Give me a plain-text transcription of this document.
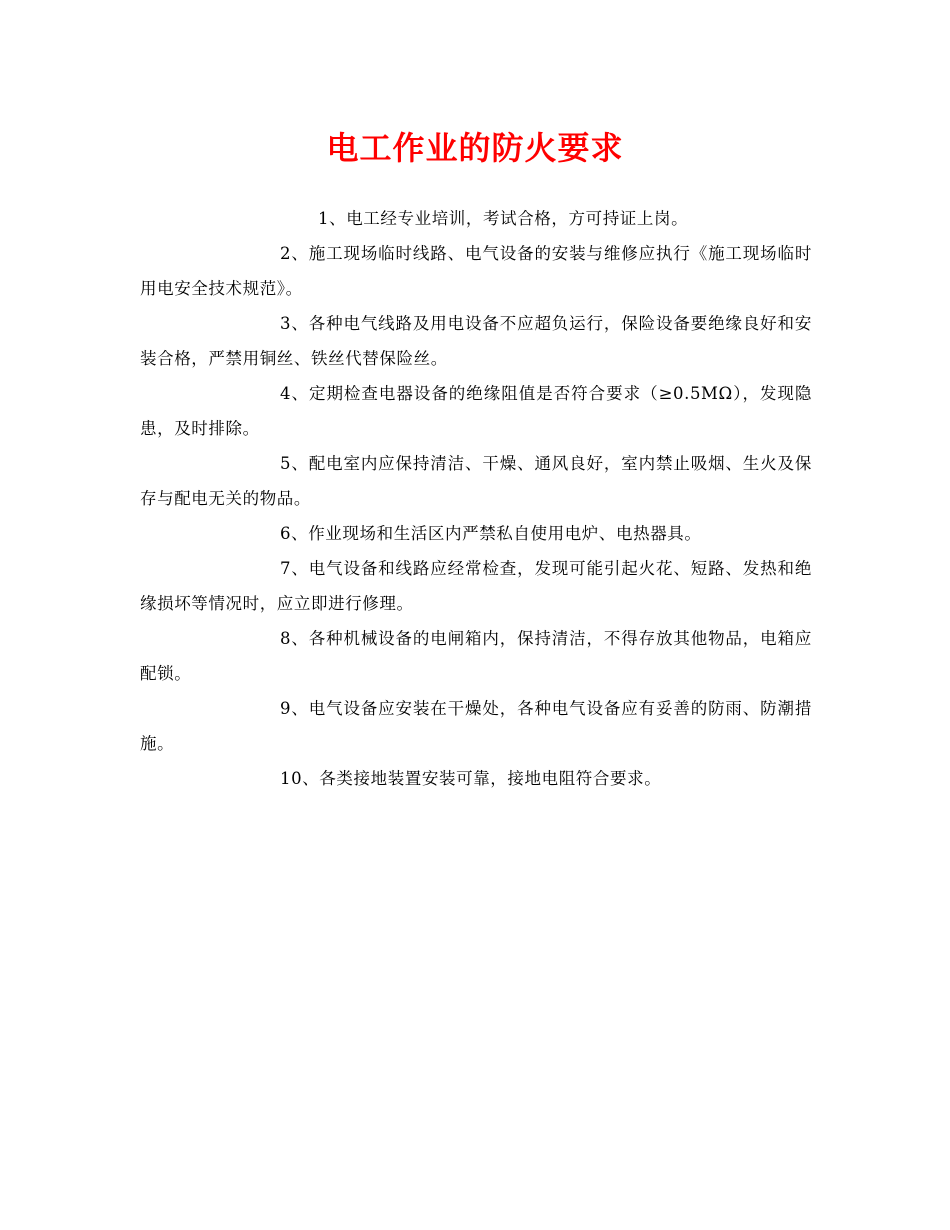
电工作业的防火要求

1、电工经专业培训，考试合格，方可持证上岗。

2、施工现场临时线路、电气设备的安装与维修应执行《施工现场临时用电安全技术规范》。

3、各种电气线路及用电设备不应超负运行，保险设备要绝缘良好和安装合格，严禁用铜丝、铁丝代替保险丝。

4、定期检查电器设备的绝缘阻值是否符合要求（≥0.5MΩ），发现隐患，及时排除。

5、配电室内应保持清洁、干燥、通风良好，室内禁止吸烟、生火及保存与配电无关的物品。

6、作业现场和生活区内严禁私自使用电炉、电热器具。

7、电气设备和线路应经常检查，发现可能引起火花、短路、发热和绝缘损坏等情况时，应立即进行修理。

8、各种机械设备的电闸箱内，保持清洁，不得存放其他物品，电箱应配锁。

9、电气设备应安装在干燥处，各种电气设备应有妥善的防雨、防潮措施。

10、各类接地装置安装可靠，接地电阻符合要求。
